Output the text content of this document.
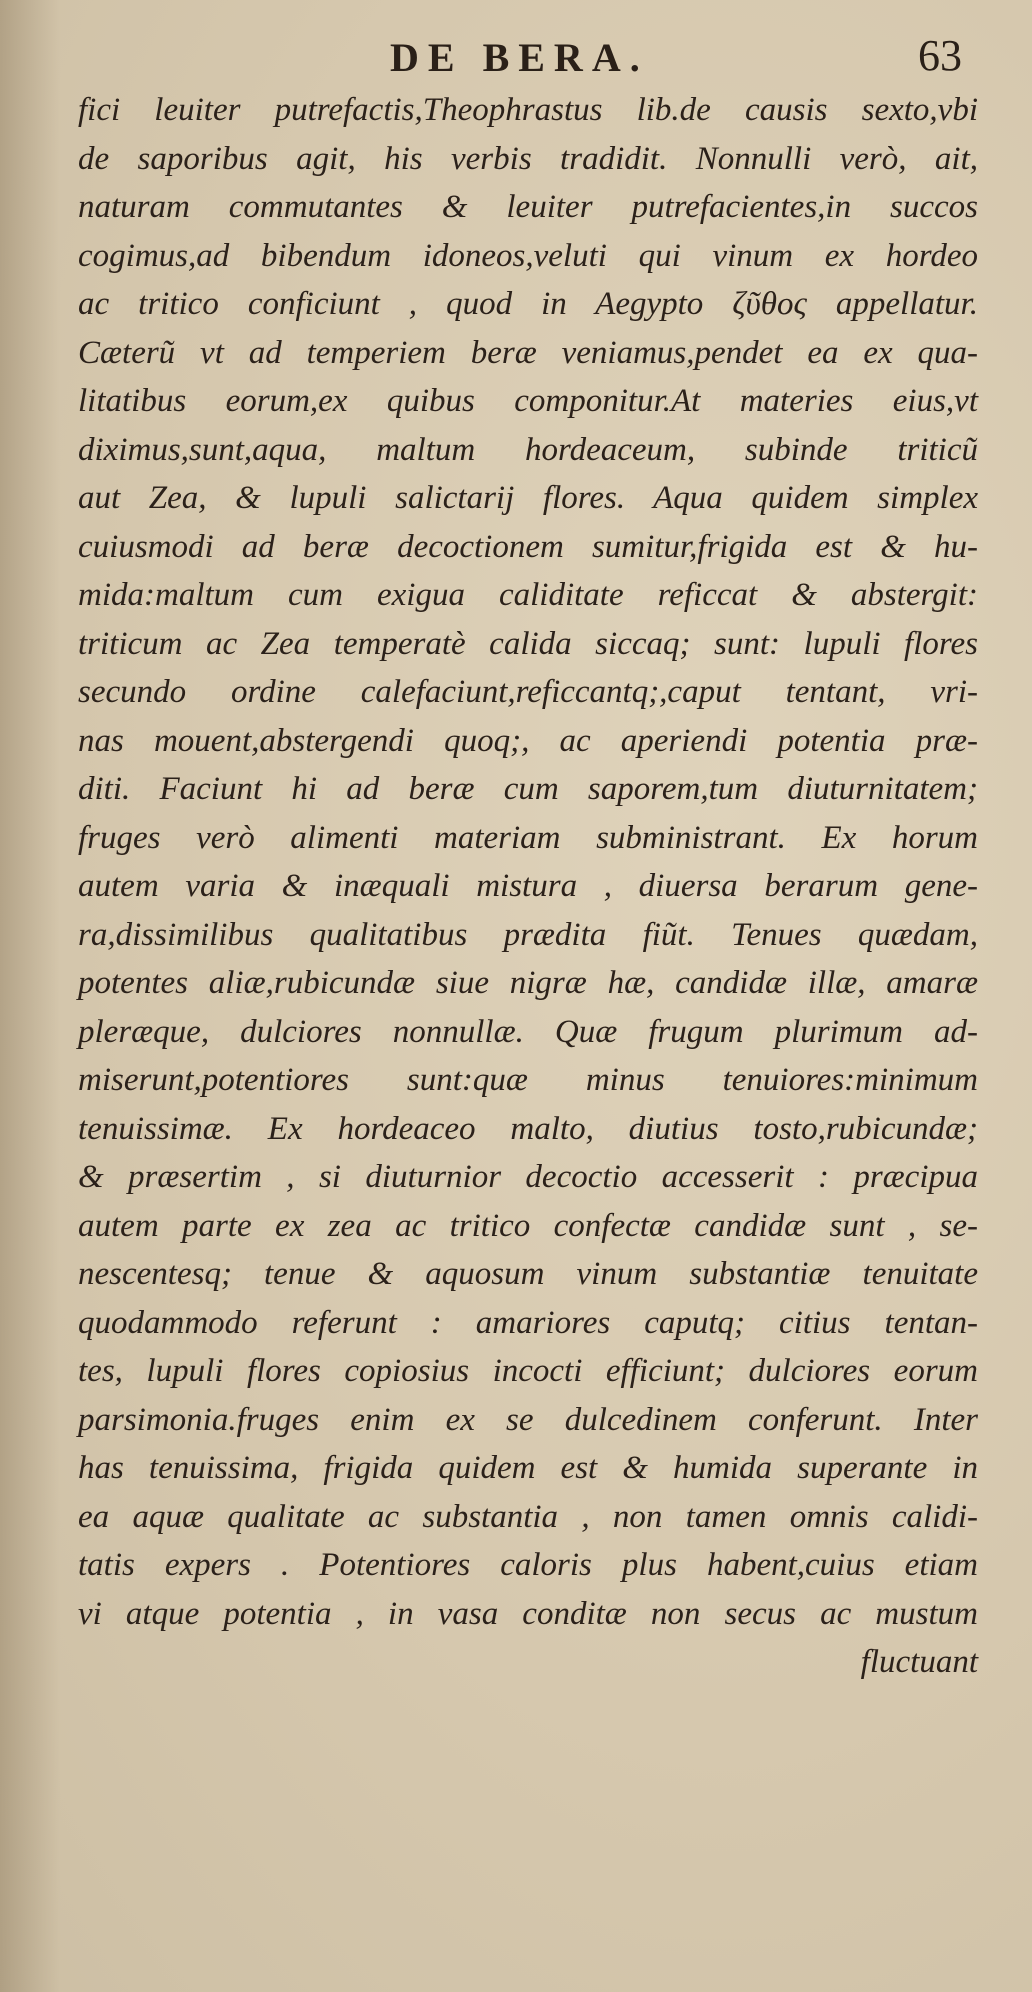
DE BERA.	63
fici leuiter putrefactis,Theophrastus lib.de causis sexto,vbi
de saporibus agit, his verbis tradidit. Nonnulli verò, ait,
naturam commutantes & leuiter putrefacientes,in succos
cogimus,ad bibendum idoneos,veluti qui vinum ex hordeo
ac tritico conficiunt , quod in Aegypto ζῦθος appellatur.
Cæterũ vt ad temperiem beræ veniamus,pendet ea ex qua-
litatibus eorum,ex quibus componitur.At materies eius,vt
diximus,sunt,aqua, maltum hordeaceum, subinde triticũ
aut Zea, & lupuli salictarij flores. Aqua quidem simplex
cuiusmodi ad beræ decoctionem sumitur,frigida est & hu-
mida:maltum cum exigua caliditate reficcat & abstergit:
triticum ac Zea temperatè calida siccaq; sunt: lupuli flores
secundo ordine calefaciunt,reficcantq;,caput tentant, vri-
nas mouent,abstergendi quoq;, ac aperiendi potentia præ-
diti. Faciunt hi ad beræ cum saporem,tum diuturnitatem;
fruges verò alimenti materiam subministrant. Ex horum
autem varia & inæquali mistura , diuersa berarum gene-
ra,dissimilibus qualitatibus prædita fiũt. Tenues quædam,
potentes aliæ,rubicundæ siue nigræ hæ, candidæ illæ, amaræ
pleræque, dulciores nonnullæ. Quæ frugum plurimum ad-
miserunt,potentiores sunt:quæ minus tenuiores:minimum
tenuissimæ. Ex hordeaceo malto, diutius tosto,rubicundæ;
& præsertim , si diuturnior decoctio accesserit : præcipua
autem parte ex zea ac tritico confectæ candidæ sunt , se-
nescentesq; tenue & aquosum vinum substantiæ tenuitate
quodammodo referunt : amariores caputq; citius tentan-
tes, lupuli flores copiosius incocti efficiunt; dulciores eorum
parsimonia.fruges enim ex se dulcedinem conferunt. Inter
has tenuissima, frigida quidem est & humida superante in
ea aquæ qualitate ac substantia , non tamen omnis calidi-
tatis expers . Potentiores caloris plus habent,cuius etiam
vi atque potentia , in vasa conditæ non secus ac mustum
fluctuant
